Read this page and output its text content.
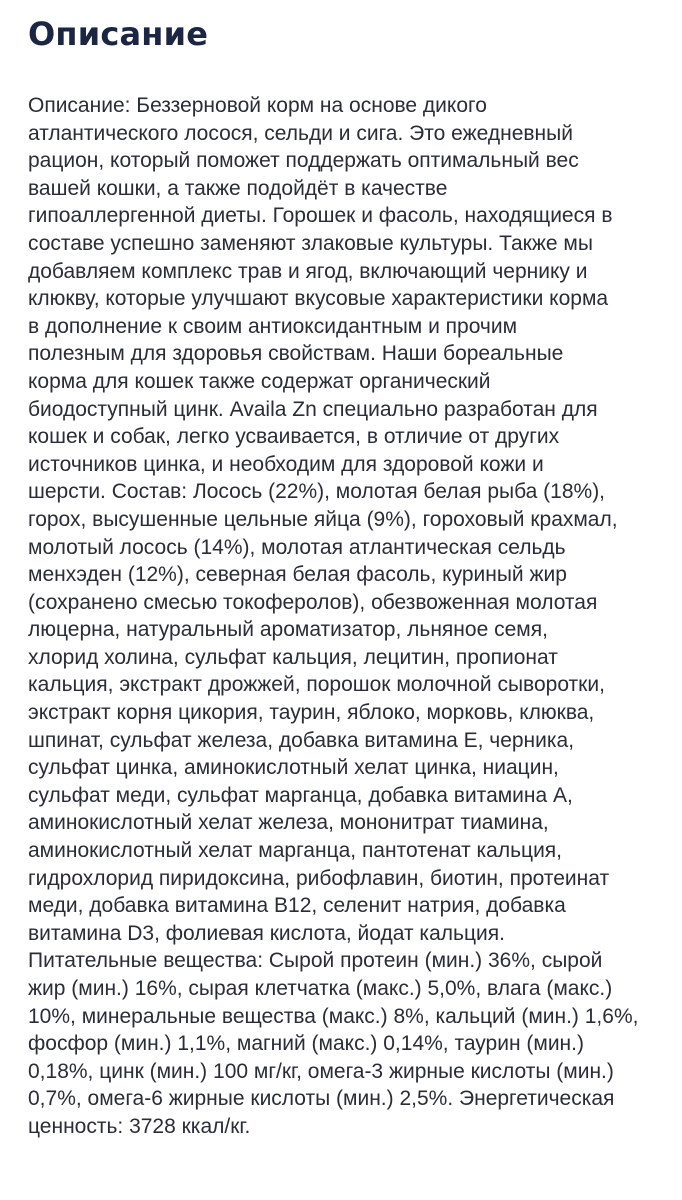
Описание
Описание: Беззерновой корм на основе дикого
атлантического лосося, сельди и сига. Это ежедневный
рацион, который поможет поддержать оптимальный вес
вашей кошки, а также подойдёт в качестве
гипоаллергенной диеты. Горошек и фасоль, находящиеся в
составе успешно заменяют злаковые культуры. Также мы
добавляем комплекс трав и ягод, включающий чернику и
клюкву, которые улучшают вкусовые характеристики корма
в дополнение к своим антиоксидантным и прочим
полезным для здоровья свойствам. Наши бореальные
корма для кошек также содержат органический
биодоступный цинк. Availa Zn специально разработан для
кошек и собак, легко усваивается, в отличие от других
источников цинка, и необходим для здоровой кожи и
шерсти. Состав: Лосось (22%), молотая белая рыба (18%),
горох, высушенные цельные яйца (9%), гороховый крахмал,
молотый лосось (14%), молотая атлантическая сельдь
менхэден (12%), северная белая фасоль, куриный жир
(сохранено смесью токоферолов), обезвоженная молотая
люцерна, натуральный ароматизатор, льняное семя,
хлорид холина, сульфат кальция, лецитин, пропионат
кальция, экстракт дрожжей, порошок молочной сыворотки,
экстракт корня цикория, таурин, яблоко, морковь, клюква,
шпинат, сульфат железа, добавка витамина Е, черника,
сульфат цинка, аминокислотный хелат цинка, ниацин,
сульфат меди, сульфат марганца, добавка витамина А,
аминокислотный хелат железа, мононитрат тиамина,
аминокислотный хелат марганца, пантотенат кальция,
гидрохлорид пиридоксина, рибофлавин, биотин, протеинат
меди, добавка витамина В12, селенит натрия, добавка
витамина D3, фолиевая кислота, йодат кальция.
Питательные вещества: Сырой протеин (мин.) 36%, сырой
жир (мин.) 16%, сырая клетчатка (макс.) 5,0%, влага (макс.)
10%, минеральные вещества (макс.) 8%, кальций (мин.) 1,6%,
фосфор (мин.) 1,1%, магний (макс.) 0,14%, таурин (мин.)
0,18%, цинк (мин.) 100 мг/кг, омега-3 жирные кислоты (мин.)
0,7%, омега-6 жирные кислоты (мин.) 2,5%. Энергетическая
ценность: 3728 ккал/кг.
